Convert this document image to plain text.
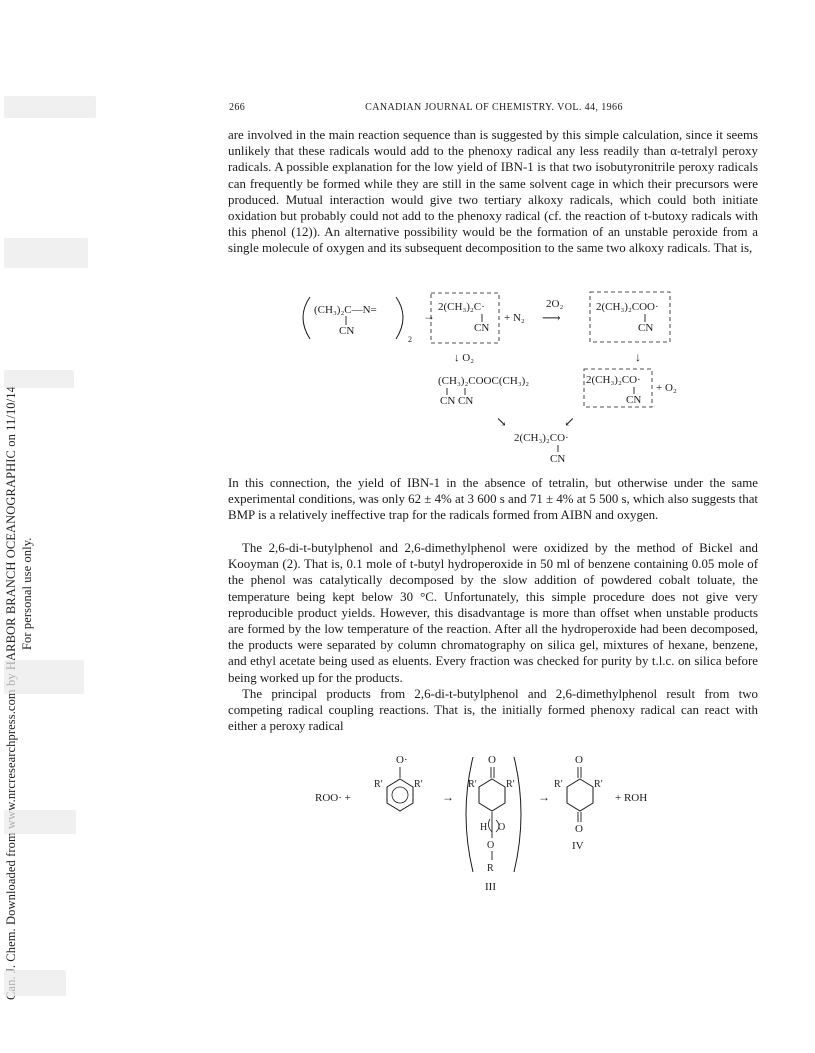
For personal use only.
266	CANADIAN JOURNAL OF CHEMISTRY. VOL. 44, 1966

are involved in the main reaction sequence than is suggested by this simple calculation, since it seems unlikely that these radicals would add to the phenoxy radical any less readily than α-tetralyl peroxy radicals. A possible explanation for the low yield of IBN-1 is that two isobutyronitrile peroxy radicals can frequently be formed while they are still in the same solvent cage in which their precursors were produced. Mutual interaction would give two tertiary alkoxy radicals, which could both initiate oxidation but probably could not add to the phenoxy radical (cf. the reaction of t-butoxy radicals with this phenol (12)). An alternative possibility would be the formation of an unstable peroxide from a single molecule of oxygen and its subsequent decomposition to the same two alkoxy radicals. That is,

(CH₃)₂C—N=
CN
2
→
2(CH₃)₂C·
CN
+ N₂
2O₂
⟶
2(CH₃)₂COO·
CN
↓ O₂	↓
(CH₃)₂COOC(CH₃)₂
CN CN
2(CH₃)₂CO·
CN
+ O₂
↘	↙
2(CH₃)₂CO·
CN

In this connection, the yield of IBN-1 in the absence of tetralin, but otherwise under the same experimental conditions, was only 62 ± 4% at 3 600 s and 71 ± 4% at 5 500 s, which also suggests that BMP is a relatively ineffective trap for the radicals formed from AIBN and oxygen.

The 2,6-di-t-butylphenol and 2,6-dimethylphenol were oxidized by the method of Bickel and Kooyman (2). That is, 0.1 mole of t-butyl hydroperoxide in 50 ml of benzene containing 0.05 mole of the phenol was catalytically decomposed by the slow addition of powdered cobalt toluate, the temperature being kept below 30 °C. Unfortunately, this simple procedure does not give very reproducible product yields. However, this disadvantage is more than offset when unstable products are formed by the low temperature of the reaction. After all the hydroperoxide had been decomposed, the products were separated by column chromatography on silica gel, mixtures of hexane, benzene, and ethyl acetate being used as eluents. Every fraction was checked for purity by t.l.c. on silica before being worked up for the products.

The principal products from 2,6-di-t-butylphenol and 2,6-dimethylphenol result from two competing radical coupling reactions. That is, the initially formed phenoxy radical can react with either a peroxy radical

ROO· +
O·
R′	R′
→
O
R′	R′
H O
O
R
III
→
O
R′	R′
O
IV
+ ROH
